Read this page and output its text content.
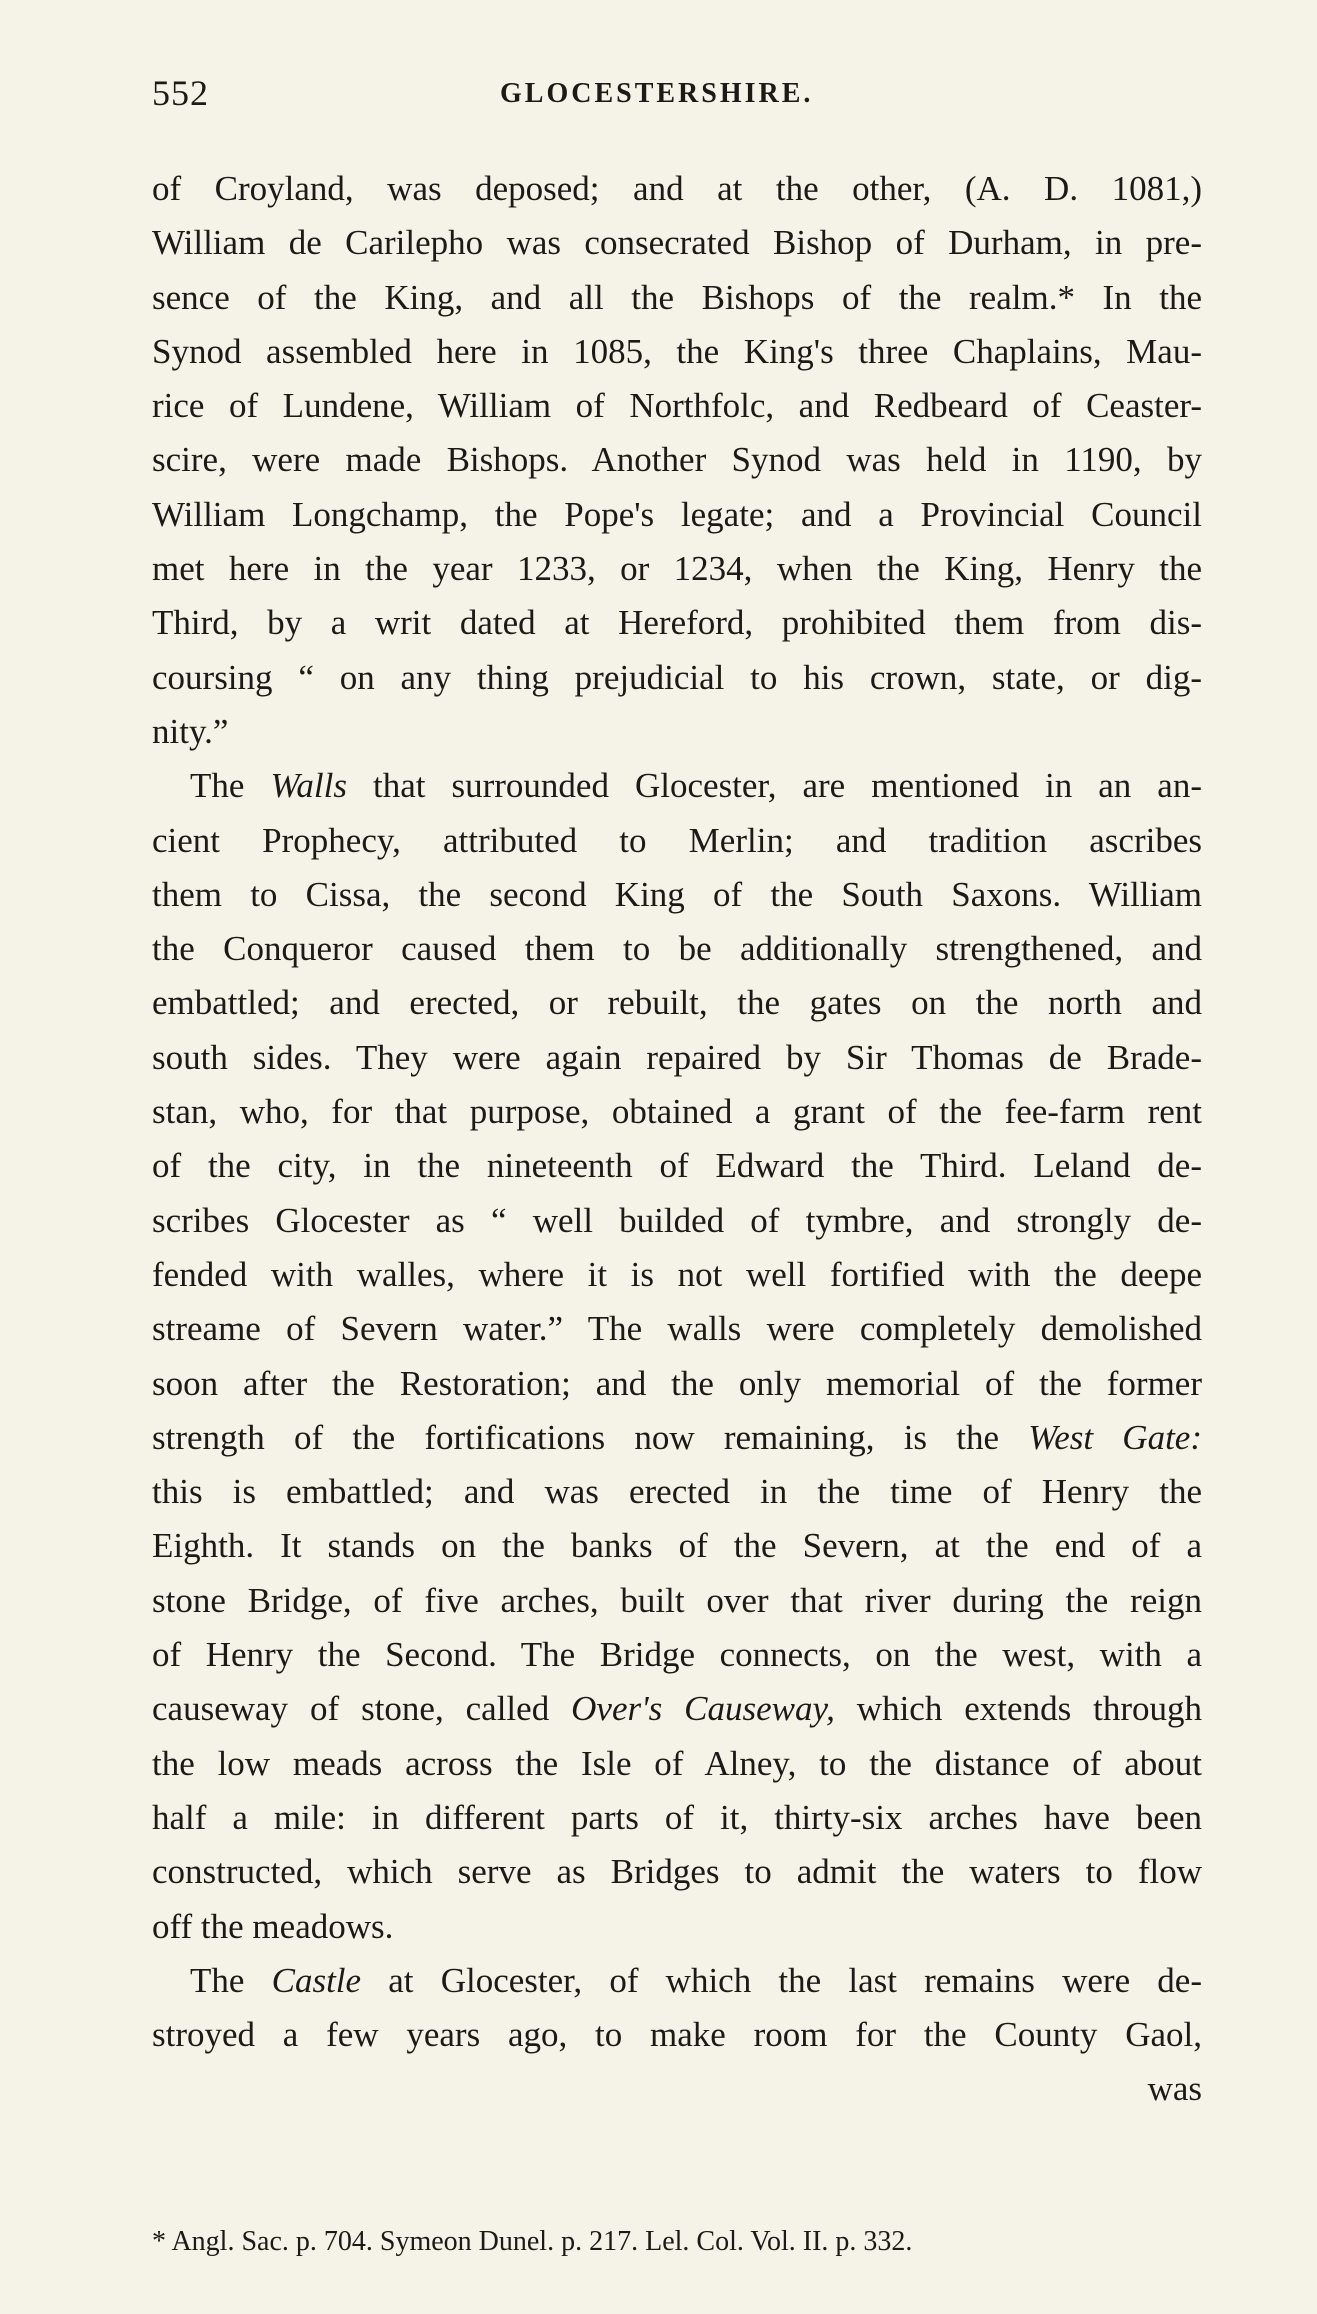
552	GLOCESTERSHIRE.
of Croyland, was deposed; and at the other, (A. D. 1081,)
William de Carilepho was consecrated Bishop of Durham, in pre-
sence of the King, and all the Bishops of the realm.* In the
Synod assembled here in 1085, the King's three Chaplains, Mau-
rice of Lundene, William of Northfolc, and Redbeard of Ceaster-
scire, were made Bishops. Another Synod was held in 1190, by
William Longchamp, the Pope's legate; and a Provincial Council
met here in the year 1233, or 1234, when the King, Henry the
Third, by a writ dated at Hereford, prohibited them from dis-
coursing “ on any thing prejudicial to his crown, state, or dig-
nity.”
The Walls that surrounded Glocester, are mentioned in an an-
cient Prophecy, attributed to Merlin; and tradition ascribes
them to Cissa, the second King of the South Saxons. William
the Conqueror caused them to be additionally strengthened, and
embattled; and erected, or rebuilt, the gates on the north and
south sides. They were again repaired by Sir Thomas de Brade-
stan, who, for that purpose, obtained a grant of the fee-farm rent
of the city, in the nineteenth of Edward the Third. Leland de-
scribes Glocester as “ well builded of tymbre, and strongly de-
fended with walles, where it is not well fortified with the deepe
streame of Severn water.” The walls were completely demolished
soon after the Restoration; and the only memorial of the former
strength of the fortifications now remaining, is the West Gate:
this is embattled; and was erected in the time of Henry the
Eighth. It stands on the banks of the Severn, at the end of a
stone Bridge, of five arches, built over that river during the reign
of Henry the Second. The Bridge connects, on the west, with a
causeway of stone, called Over's Causeway, which extends through
the low meads across the Isle of Alney, to the distance of about
half a mile: in different parts of it, thirty-six arches have been
constructed, which serve as Bridges to admit the waters to flow
off the meadows.
The Castle at Glocester, of which the last remains were de-
stroyed a few years ago, to make room for the County Gaol,
was
* Angl. Sac. p. 704. Symeon Dunel. p. 217. Lel. Col. Vol. II. p. 332.
